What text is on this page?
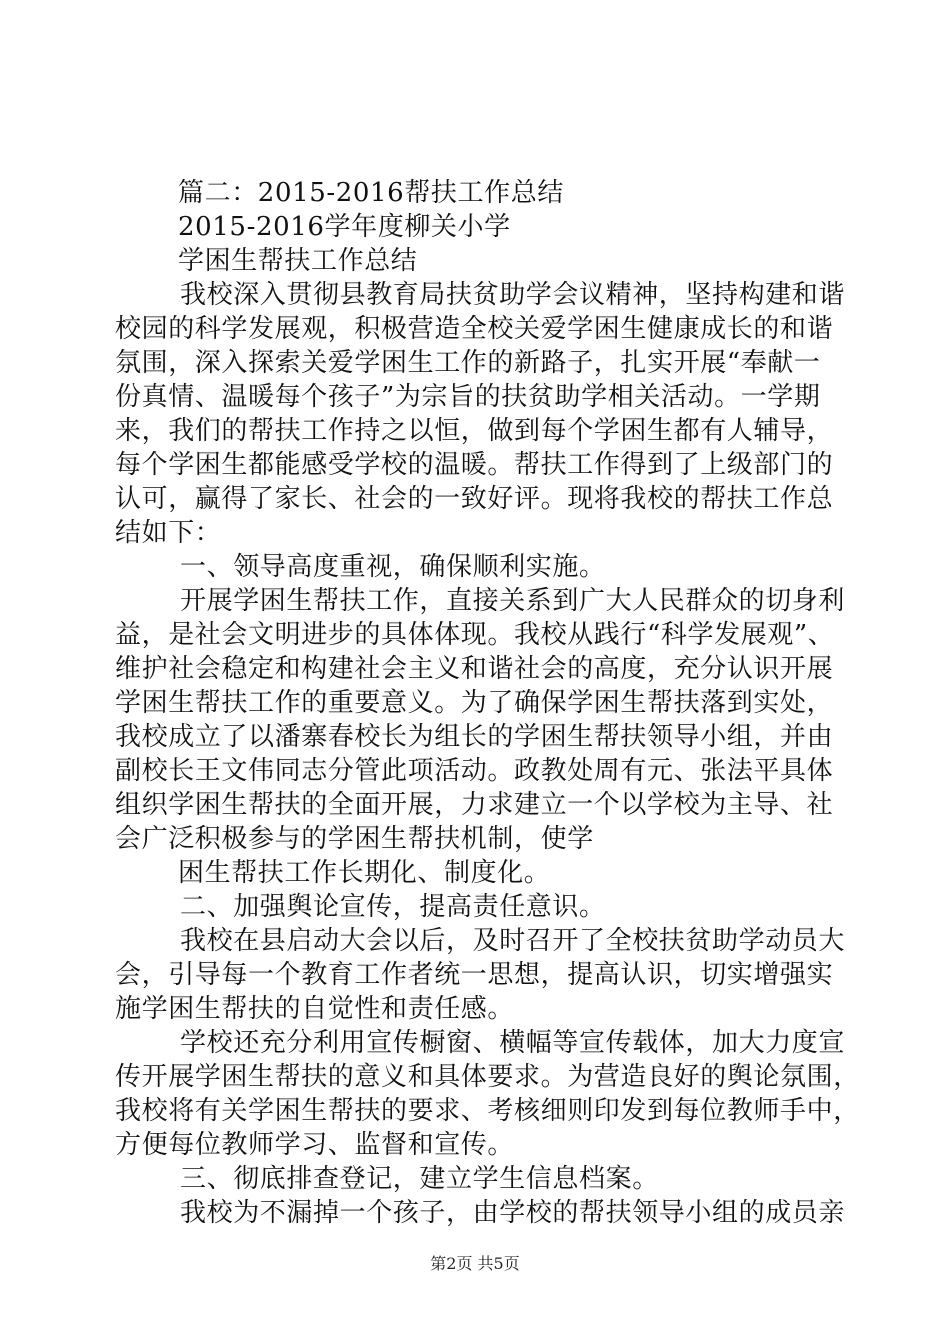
篇二：2015-2016帮扶工作总结
2015-2016学年度柳关小学
学困生帮扶工作总结
我校深入贯彻县教育局扶贫助学会议精神，坚持构建和谐
校园的科学发展观，积极营造全校关爱学困生健康成长的和谐
氛围，深入探索关爱学困生工作的新路子，扎实开展“奉献一
份真情、温暖每个孩子”为宗旨的扶贫助学相关活动。一学期
来，我们的帮扶工作持之以恒，做到每个学困生都有人辅导，
每个学困生都能感受学校的温暖。帮扶工作得到了上级部门的
认可，赢得了家长、社会的一致好评。现将我校的帮扶工作总
结如下：
一、领导高度重视，确保顺利实施。
开展学困生帮扶工作，直接关系到广大人民群众的切身利
益，是社会文明进步的具体体现。我校从践行“科学发展观”、
维护社会稳定和构建社会主义和谐社会的高度，充分认识开展
学困生帮扶工作的重要意义。为了确保学困生帮扶落到实处，
我校成立了以潘寨春校长为组长的学困生帮扶领导小组，并由
副校长王文伟同志分管此项活动。政教处周有元、张法平具体
组织学困生帮扶的全面开展，力求建立一个以学校为主导、社
会广泛积极参与的学困生帮扶机制，使学
困生帮扶工作长期化、制度化。
二、加强舆论宣传，提高责任意识。
我校在县启动大会以后，及时召开了全校扶贫助学动员大
会，引导每一个教育工作者统一思想，提高认识，切实增强实
施学困生帮扶的自觉性和责任感。
学校还充分利用宣传橱窗、横幅等宣传载体，加大力度宣
传开展学困生帮扶的意义和具体要求。为营造良好的舆论氛围，
我校将有关学困生帮扶的要求、考核细则印发到每位教师手中，
方便每位教师学习、监督和宣传。
三、彻底排查登记，建立学生信息档案。
我校为不漏掉一个孩子，由学校的帮扶领导小组的成员亲
第2页 共5页
